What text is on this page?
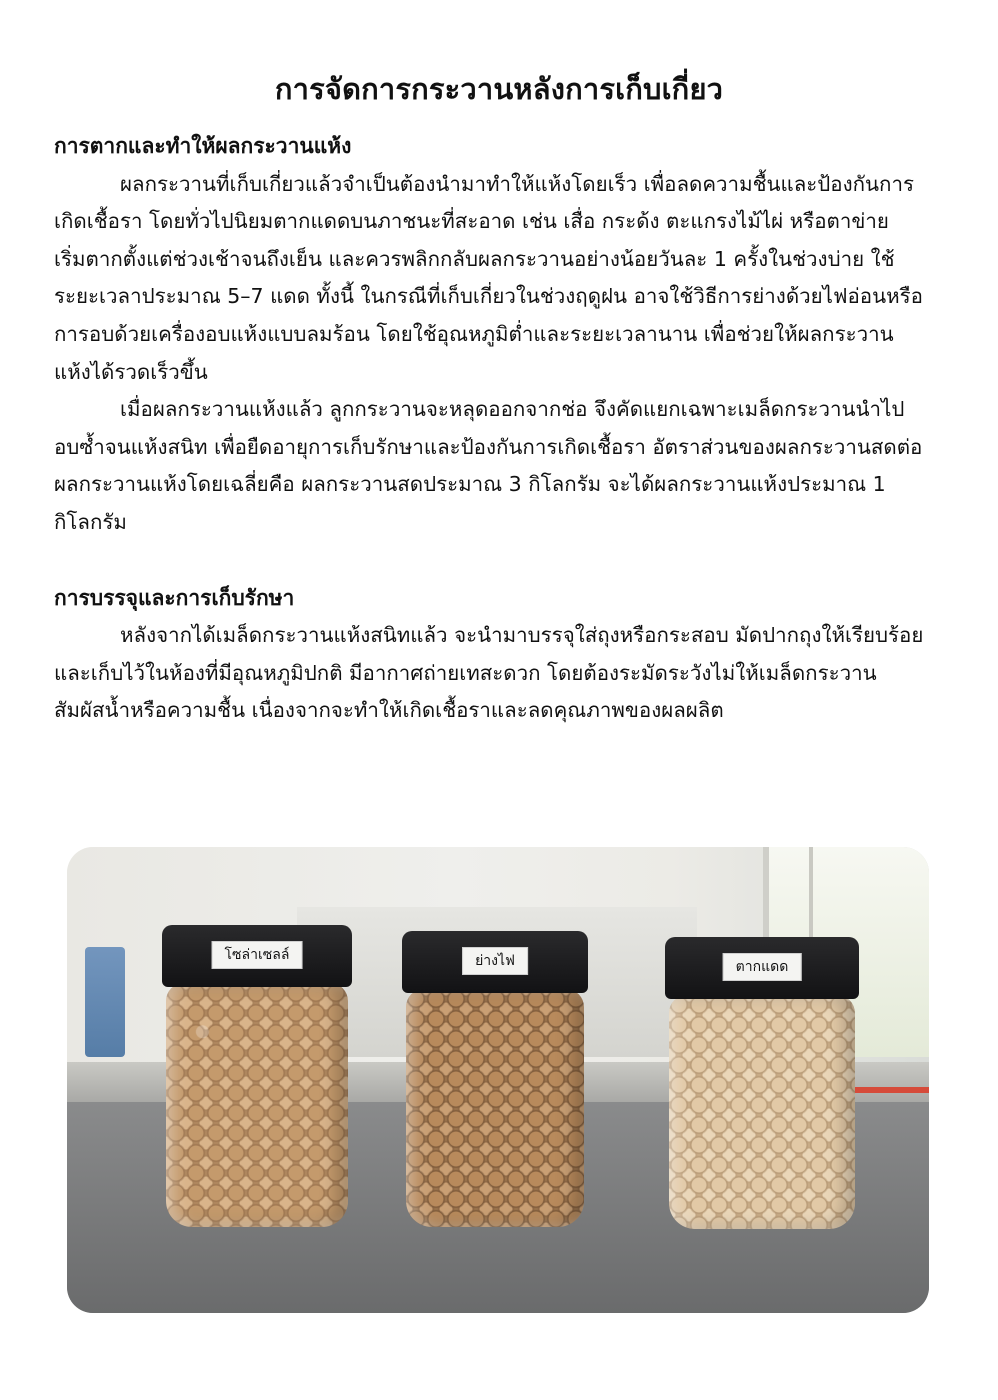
การจัดการกระวานหลังการเก็บเกี่ยว

การตากและทำให้ผลกระวานแห้ง

ผลกระวานที่เก็บเกี่ยวแล้วจำเป็นต้องนำมาทำให้แห้งโดยเร็ว เพื่อลดความชื้นและป้องกันการเกิดเชื้อรา โดยทั่วไปนิยมตากแดดบนภาชนะที่สะอาด เช่น เสื่อ กระด้ง ตะแกรงไม้ไผ่ หรือตาข่าย เริ่มตากตั้งแต่ช่วงเช้าจนถึงเย็น และควรพลิกกลับผลกระวานอย่างน้อยวันละ 1 ครั้งในช่วงบ่าย ใช้ระยะเวลาประมาณ 5–7 แดด ทั้งนี้ ในกรณีที่เก็บเกี่ยวในช่วงฤดูฝน อาจใช้วิธีการย่างด้วยไฟอ่อนหรือการอบด้วยเครื่องอบแห้งแบบลมร้อน โดยใช้อุณหภูมิต่ำและระยะเวลานาน เพื่อช่วยให้ผลกระวานแห้งได้รวดเร็วขึ้น

เมื่อผลกระวานแห้งแล้ว ลูกกระวานจะหลุดออกจากช่อ จึงคัดแยกเฉพาะเมล็ดกระวานนำไปอบซ้ำจนแห้งสนิท เพื่อยืดอายุการเก็บรักษาและป้องกันการเกิดเชื้อรา อัตราส่วนของผลกระวานสดต่อผลกระวานแห้งโดยเฉลี่ยคือ ผลกระวานสดประมาณ 3 กิโลกรัม จะได้ผลกระวานแห้งประมาณ 1 กิโลกรัม

การบรรจุและการเก็บรักษา

หลังจากได้เมล็ดกระวานแห้งสนิทแล้ว จะนำมาบรรจุใส่ถุงหรือกระสอบ มัดปากถุงให้เรียบร้อย และเก็บไว้ในห้องที่มีอุณหภูมิปกติ มีอากาศถ่ายเทสะดวก โดยต้องระมัดระวังไม่ให้เมล็ดกระวานสัมผัสน้ำหรือความชื้น เนื่องจากจะทำให้เกิดเชื้อราและลดคุณภาพของผลผลิต

โซล่าเซลล์	ย่างไฟ	ตากแดด
